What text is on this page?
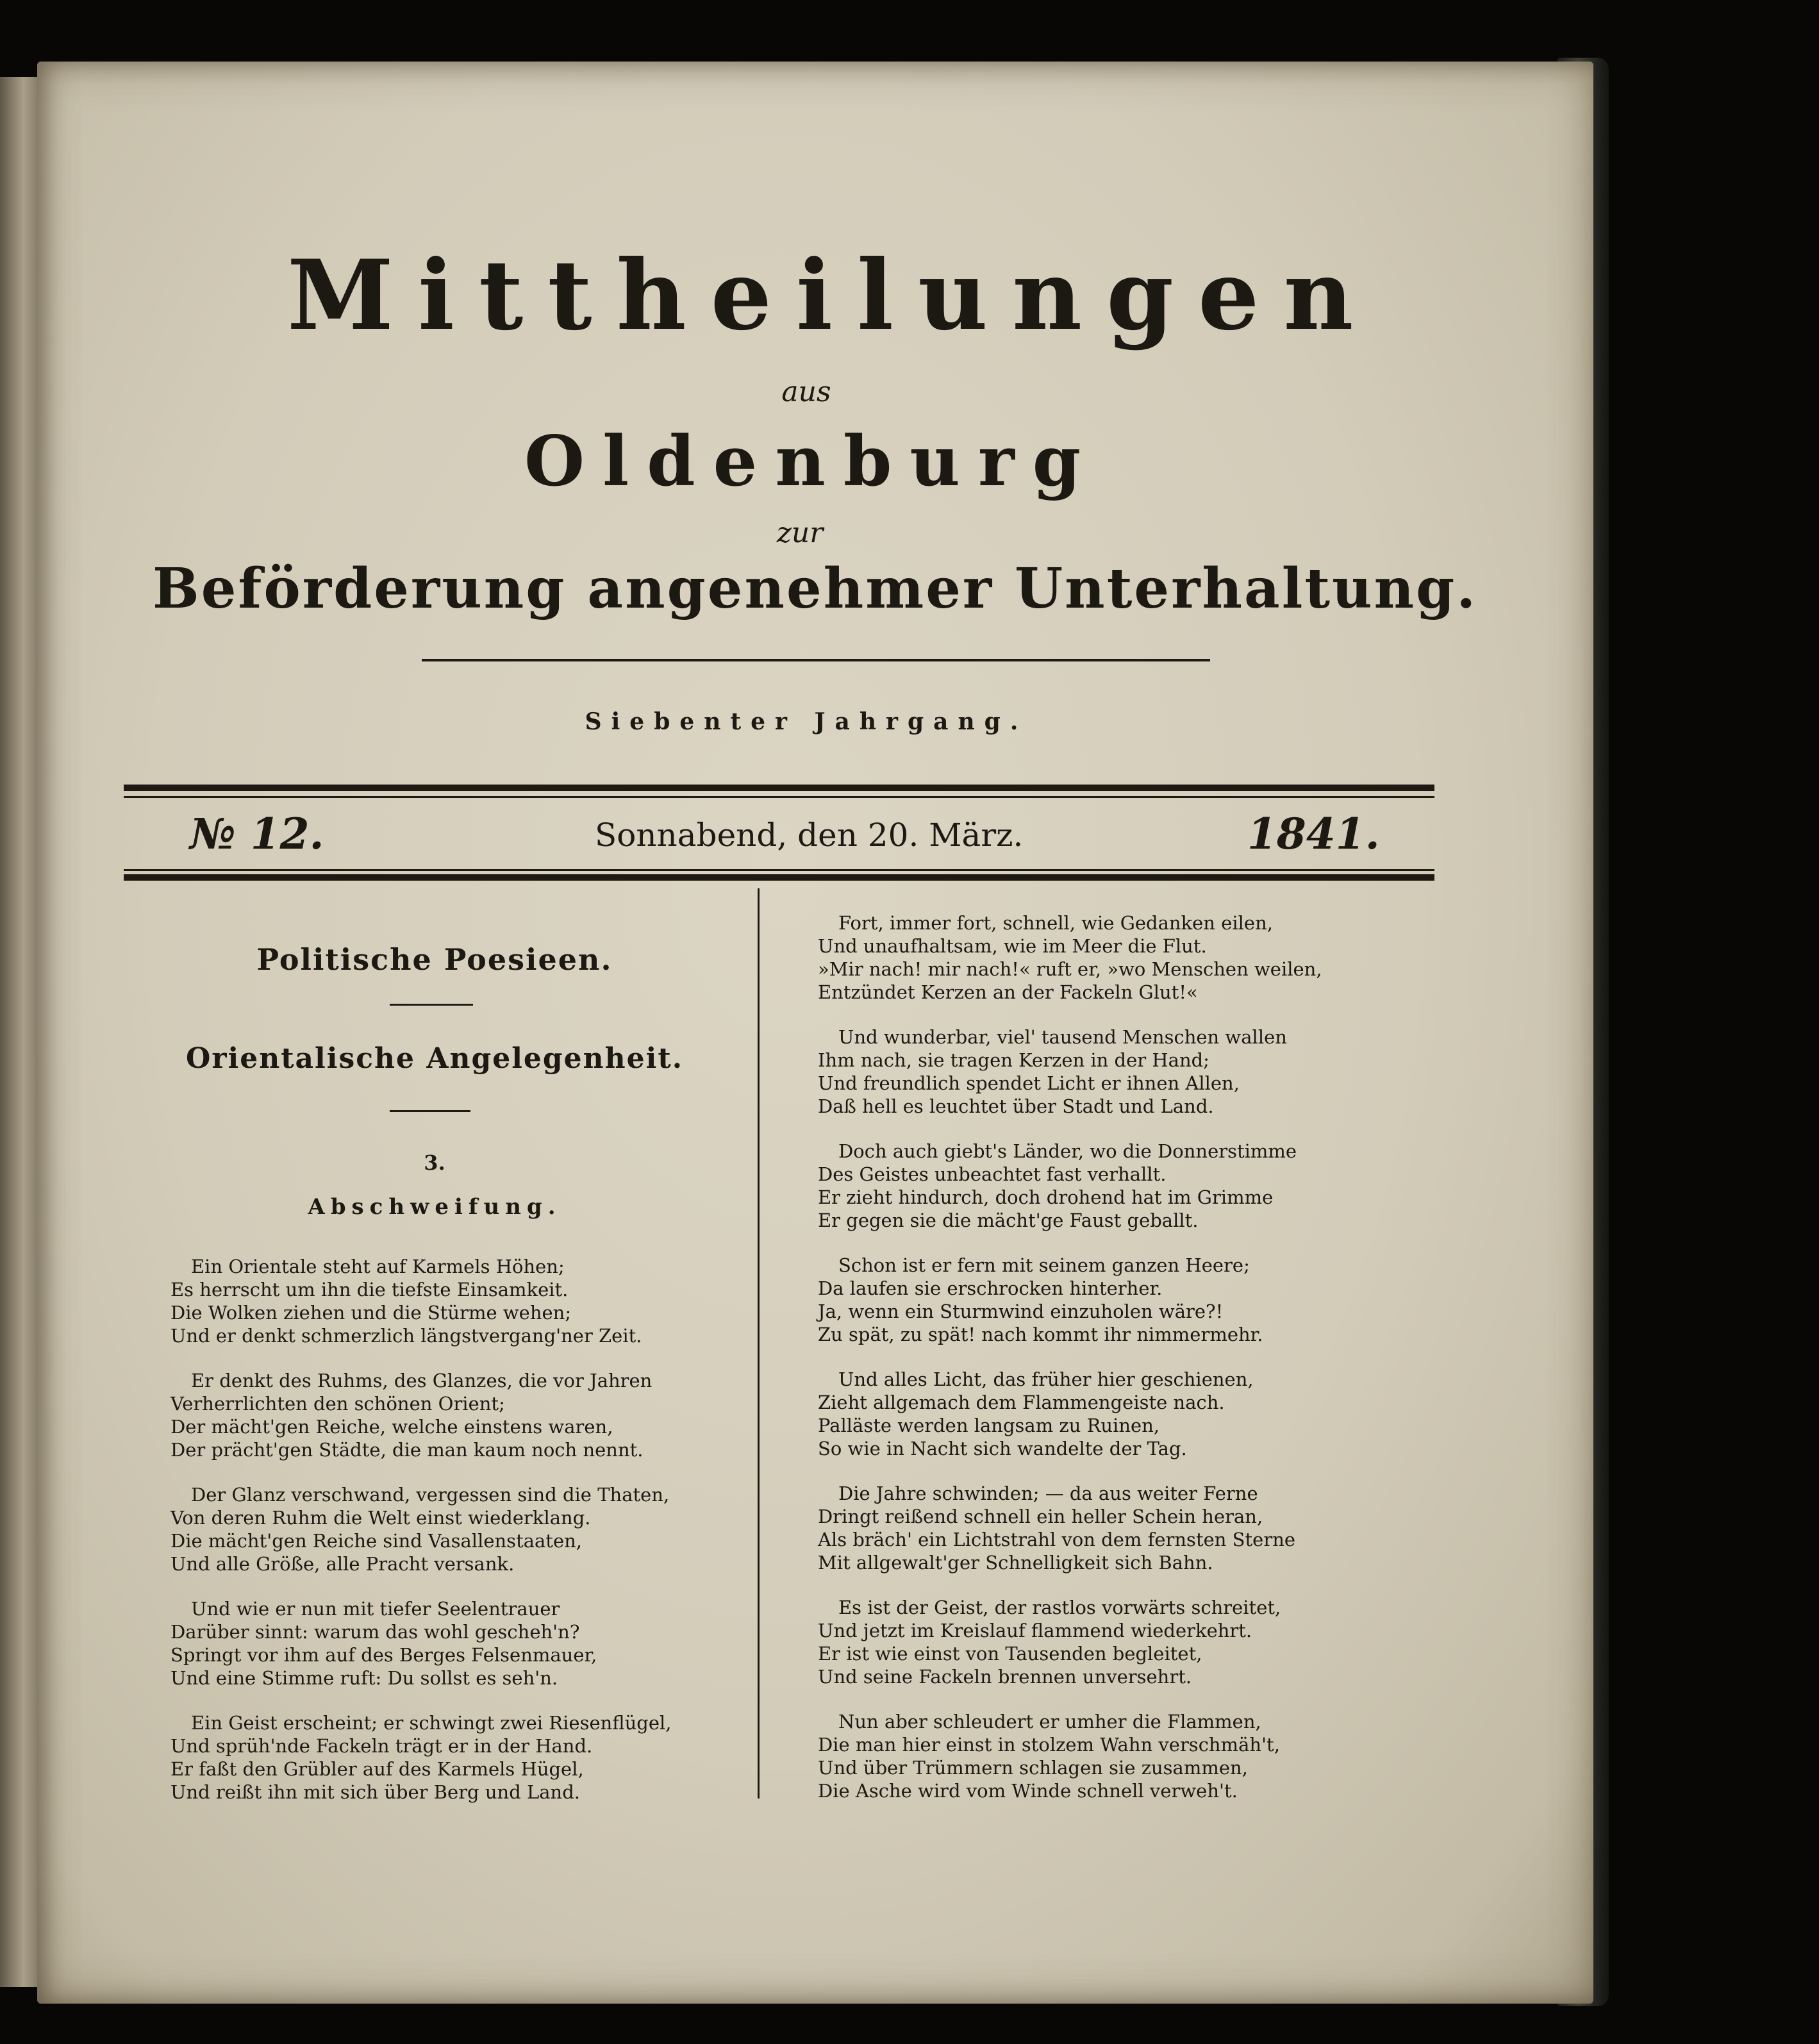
Mittheilungen
aus
Oldenburg
zur
Beförderung angenehmer Unterhaltung.
Siebenter Jahrgang.
№ 12.	Sonnabend, den 20. März.	1841.
Politische Poesieen.
Orientalische Angelegenheit.
3.
Abschweifung.
Ein Orientale steht auf Karmels Höhen;
Es herrscht um ihn die tiefste Einsamkeit.
Die Wolken ziehen und die Stürme wehen;
Und er denkt schmerzlich längstvergang'ner Zeit.
Er denkt des Ruhms, des Glanzes, die vor Jahren
Verherrlichten den schönen Orient;
Der mächt'gen Reiche, welche einstens waren,
Der prächt'gen Städte, die man kaum noch nennt.
Der Glanz verschwand, vergessen sind die Thaten,
Von deren Ruhm die Welt einst wiederklang.
Die mächt'gen Reiche sind Vasallenstaaten,
Und alle Größe, alle Pracht versank.
Und wie er nun mit tiefer Seelentrauer
Darüber sinnt: warum das wohl gescheh'n?
Springt vor ihm auf des Berges Felsenmauer,
Und eine Stimme ruft: Du sollst es seh'n.
Ein Geist erscheint; er schwingt zwei Riesenflügel,
Und sprüh'nde Fackeln trägt er in der Hand.
Er faßt den Grübler auf des Karmels Hügel,
Und reißt ihn mit sich über Berg und Land.
Fort, immer fort, schnell, wie Gedanken eilen,
Und unaufhaltsam, wie im Meer die Flut.
»Mir nach! mir nach!« ruft er, »wo Menschen weilen,
Entzündet Kerzen an der Fackeln Glut!«
Und wunderbar, viel' tausend Menschen wallen
Ihm nach, sie tragen Kerzen in der Hand;
Und freundlich spendet Licht er ihnen Allen,
Daß hell es leuchtet über Stadt und Land.
Doch auch giebt's Länder, wo die Donnerstimme
Des Geistes unbeachtet fast verhallt.
Er zieht hindurch, doch drohend hat im Grimme
Er gegen sie die mächt'ge Faust geballt.
Schon ist er fern mit seinem ganzen Heere;
Da laufen sie erschrocken hinterher.
Ja, wenn ein Sturmwind einzuholen wäre?!
Zu spät, zu spät! nach kommt ihr nimmermehr.
Und alles Licht, das früher hier geschienen,
Zieht allgemach dem Flammengeiste nach.
Palläste werden langsam zu Ruinen,
So wie in Nacht sich wandelte der Tag.
Die Jahre schwinden; — da aus weiter Ferne
Dringt reißend schnell ein heller Schein heran,
Als bräch' ein Lichtstrahl von dem fernsten Sterne
Mit allgewalt'ger Schnelligkeit sich Bahn.
Es ist der Geist, der rastlos vorwärts schreitet,
Und jetzt im Kreislauf flammend wiederkehrt.
Er ist wie einst von Tausenden begleitet,
Und seine Fackeln brennen unversehrt.
Nun aber schleudert er umher die Flammen,
Die man hier einst in stolzem Wahn verschmäh't,
Und über Trümmern schlagen sie zusammen,
Die Asche wird vom Winde schnell verweh't.
